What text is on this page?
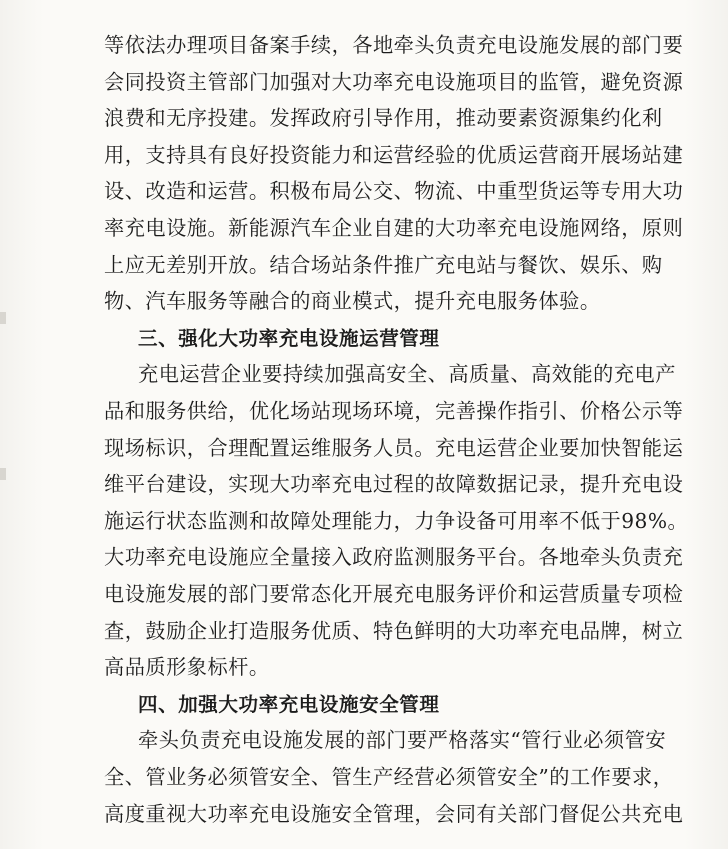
等依法办理项目备案手续，各地牵头负责充电设施发展的部门要
会同投资主管部门加强对大功率充电设施项目的监管，避免资源
浪费和无序投建。发挥政府引导作用，推动要素资源集约化利
用，支持具有良好投资能力和运营经验的优质运营商开展场站建
设、改造和运营。积极布局公交、物流、中重型货运等专用大功
率充电设施。新能源汽车企业自建的大功率充电设施网络，原则
上应无差别开放。结合场站条件推广充电站与餐饮、娱乐、购
物、汽车服务等融合的商业模式，提升充电服务体验。
三、强化大功率充电设施运营管理
充电运营企业要持续加强高安全、高质量、高效能的充电产
品和服务供给，优化场站现场环境，完善操作指引、价格公示等
现场标识，合理配置运维服务人员。充电运营企业要加快智能运
维平台建设，实现大功率充电过程的故障数据记录，提升充电设
施运行状态监测和故障处理能力，力争设备可用率不低于98%。
大功率充电设施应全量接入政府监测服务平台。各地牵头负责充
电设施发展的部门要常态化开展充电服务评价和运营质量专项检
查，鼓励企业打造服务优质、特色鲜明的大功率充电品牌，树立
高品质形象标杆。
四、加强大功率充电设施安全管理
牵头负责充电设施发展的部门要严格落实“管行业必须管安
全、管业务必须管安全、管生产经营必须管安全”的工作要求，
高度重视大功率充电设施安全管理，会同有关部门督促公共充电
